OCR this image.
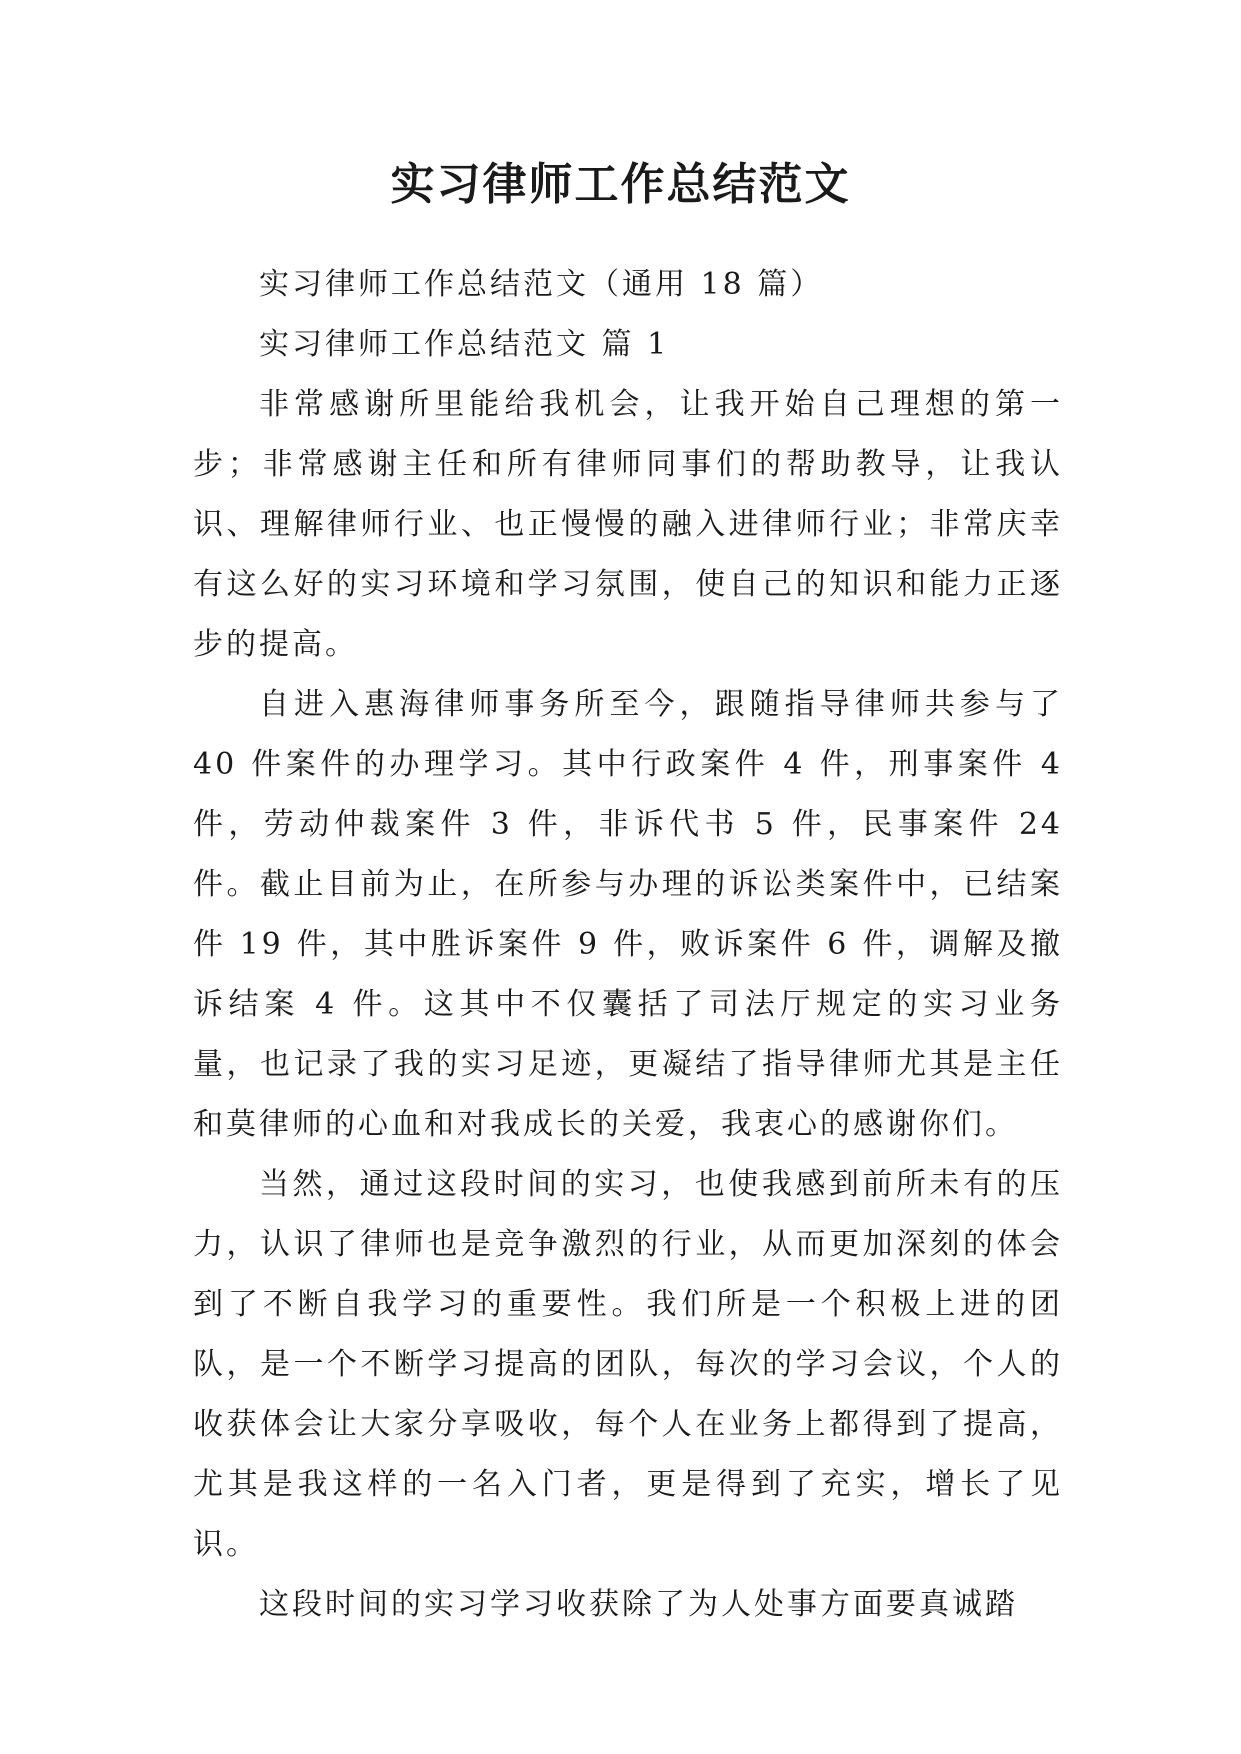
实习律师工作总结范文

实习律师工作总结范文（通用 18 篇）

实习律师工作总结范文 篇 1

非常感谢所里能给我机会，让我开始自己理想的第一步；非常感谢主任和所有律师同事们的帮助教导，让我认识、理解律师行业、也正慢慢的融入进律师行业；非常庆幸有这么好的实习环境和学习氛围，使自己的知识和能力正逐步的提高。

自进入惠海律师事务所至今，跟随指导律师共参与了 40 件案件的办理学习。其中行政案件 4 件，刑事案件 4 件，劳动仲裁案件 3 件，非诉代书 5 件，民事案件 24 件。截止目前为止，在所参与办理的诉讼类案件中，已结案件 19 件，其中胜诉案件 9 件，败诉案件 6 件，调解及撤诉结案 4 件。这其中不仅囊括了司法厅规定的实习业务量，也记录了我的实习足迹，更凝结了指导律师尤其是主任和莫律师的心血和对我成长的关爱，我衷心的感谢你们。

当然，通过这段时间的实习，也使我感到前所未有的压力，认识了律师也是竞争激烈的行业，从而更加深刻的体会到了不断自我学习的重要性。我们所是一个积极上进的团队，是一个不断学习提高的团队，每次的学习会议，个人的收获体会让大家分享吸收，每个人在业务上都得到了提高，尤其是我这样的一名入门者，更是得到了充实，增长了见识。

这段时间的实习学习收获除了为人处事方面要真诚踏
